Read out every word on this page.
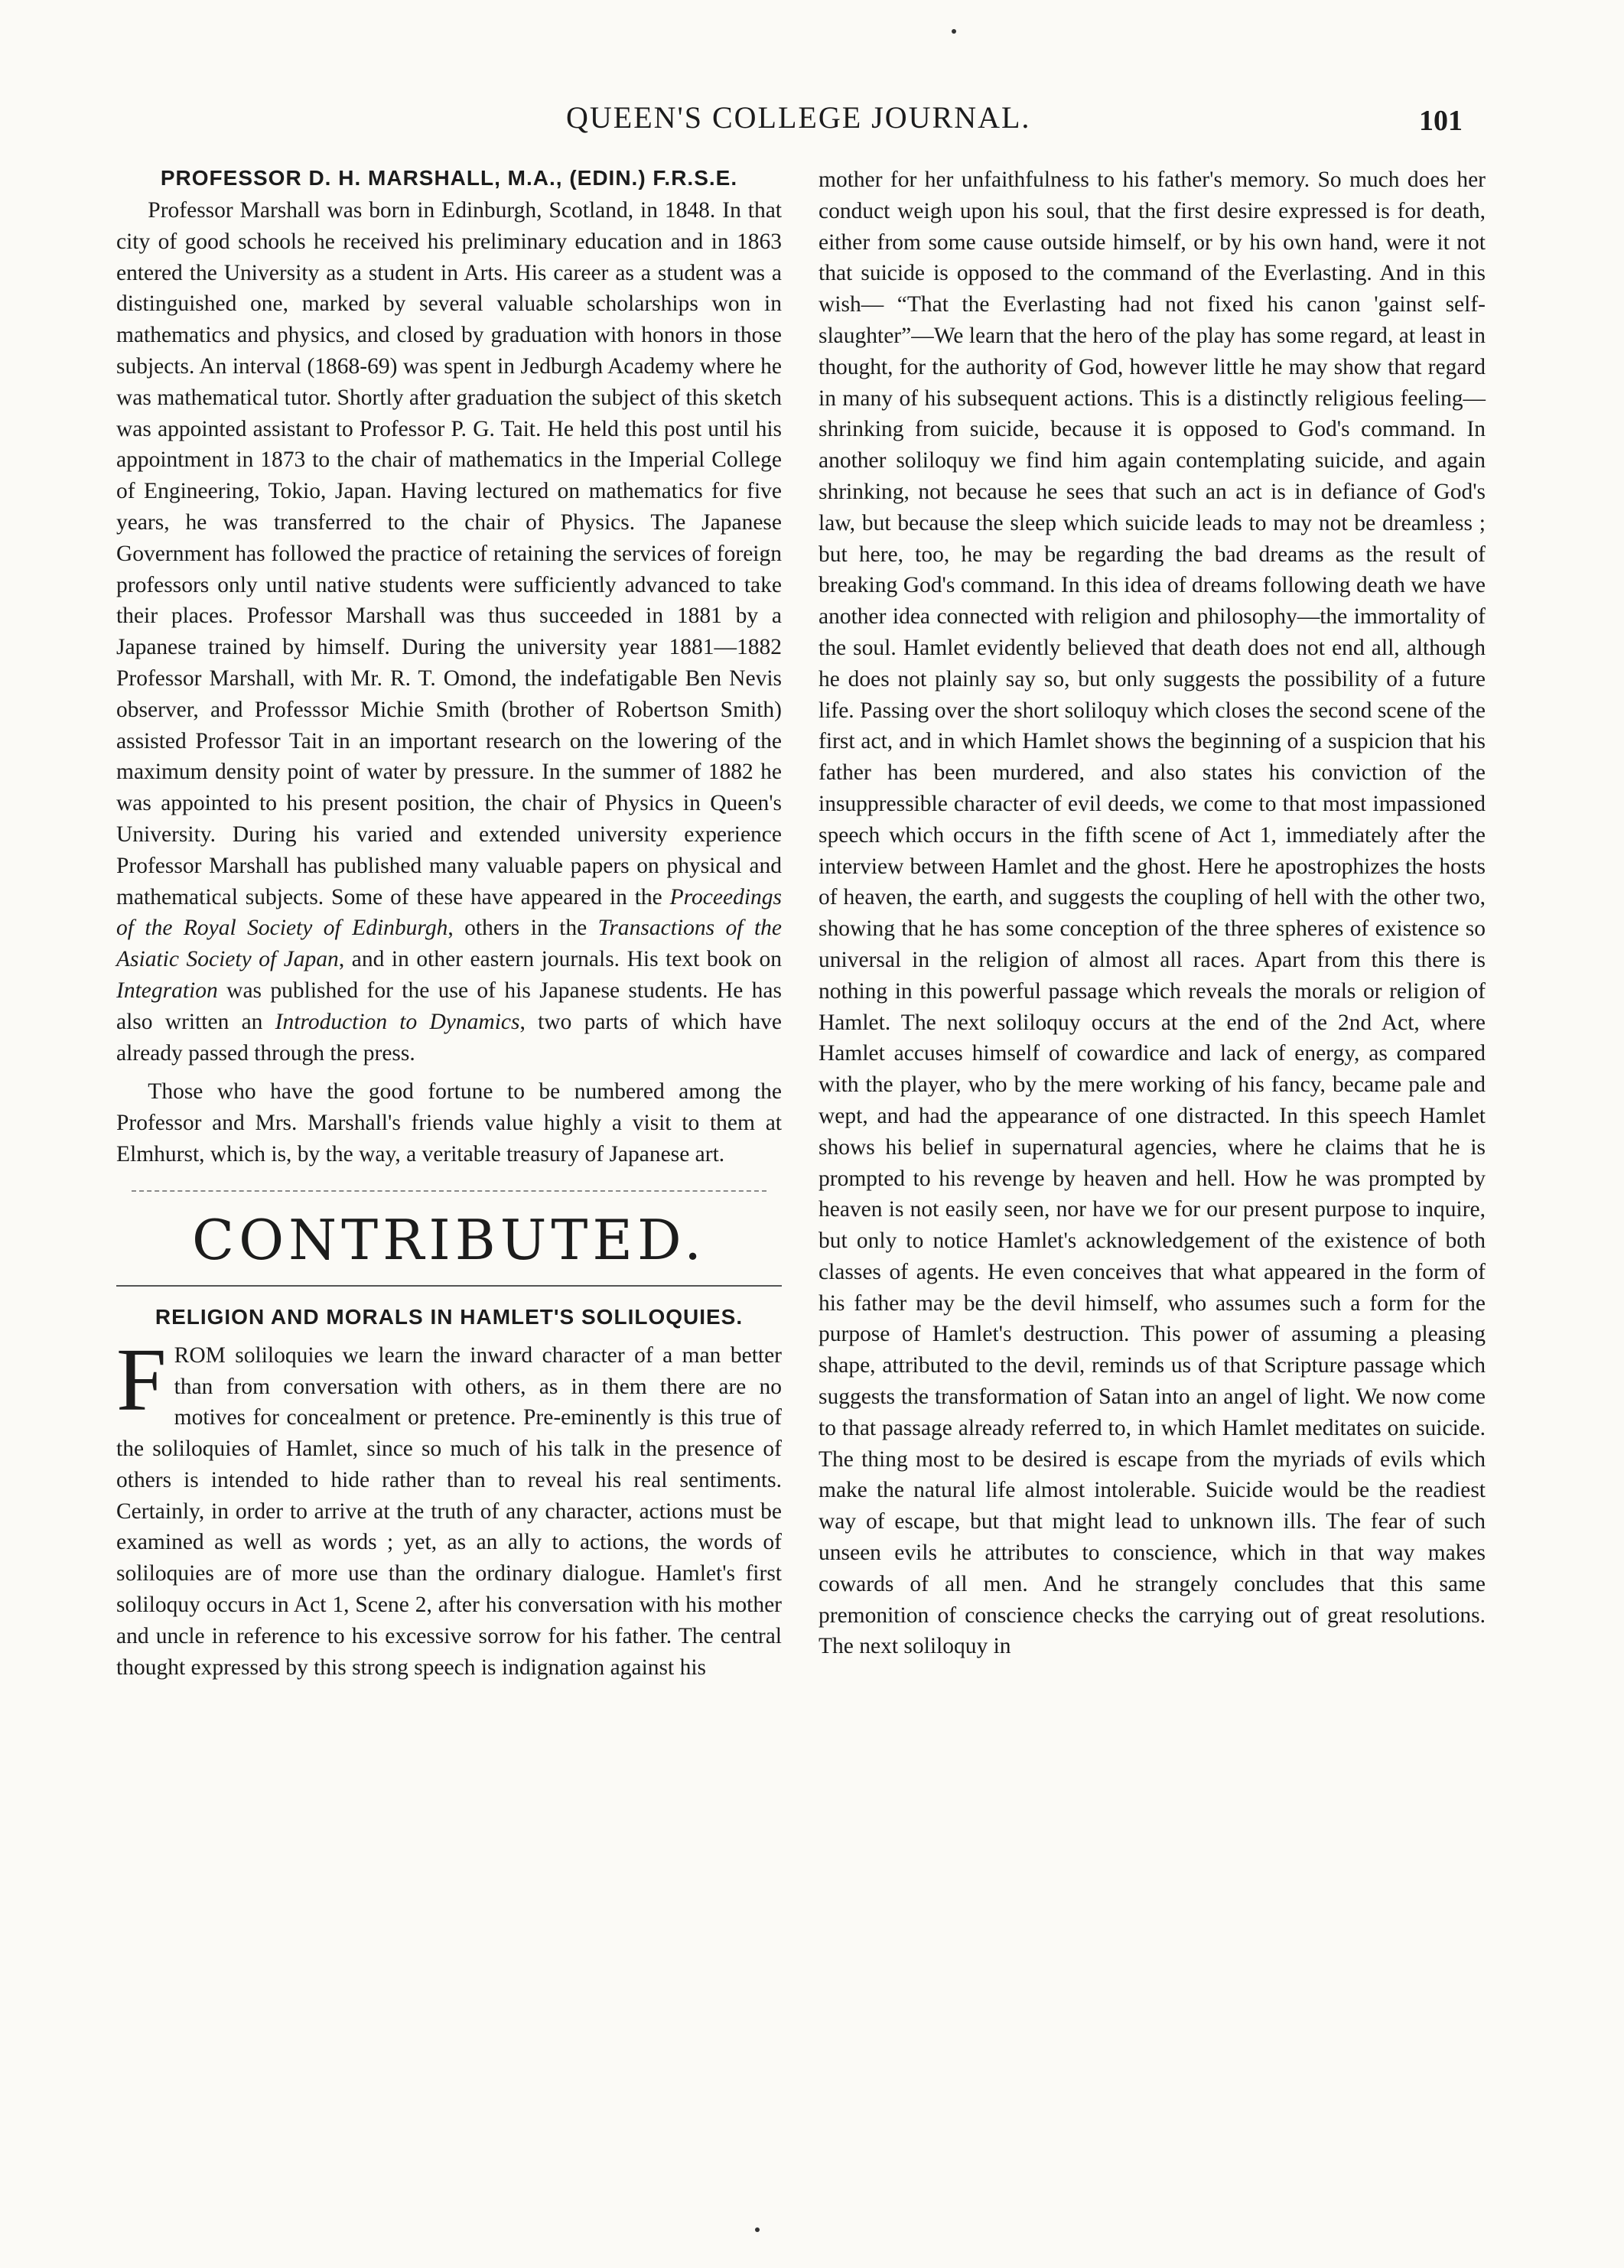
QUEEN'S COLLEGE JOURNAL.	101
PROFESSOR D. H. MARSHALL, M.A., (EDIN.) F.R.S.E.

Professor Marshall was born in Edinburgh, Scotland, in 1848. In that city of good schools he received his preliminary education and in 1863 entered the University as a student in Arts. His career as a student was a distinguished one, marked by several valuable scholarships won in mathematics and physics, and closed by graduation with honors in those subjects. An interval (1868-69) was spent in Jedburgh Academy where he was mathematical tutor. Shortly after graduation the subject of this sketch was appointed assistant to Professor P. G. Tait. He held this post until his appointment in 1873 to the chair of mathematics in the Imperial College of Engineering, Tokio, Japan. Having lectured on mathematics for five years, he was transferred to the chair of Physics. The Japanese Government has followed the practice of retaining the services of foreign professors only until native students were sufficiently advanced to take their places. Professor Marshall was thus succeeded in 1881 by a Japanese trained by himself. During the university year 1881—1882 Professor Marshall, with Mr. R. T. Omond, the indefatigable Ben Nevis observer, and Professsor Michie Smith (brother of Robertson Smith) assisted Professor Tait in an important research on the lowering of the maximum density point of water by pressure. In the summer of 1882 he was appointed to his present position, the chair of Physics in Queen's University. During his varied and extended university experience Professor Marshall has published many valuable papers on physical and mathematical subjects. Some of these have appeared in the Proceedings of the Royal Society of Edinburgh, others in the Transactions of the Asiatic Society of Japan, and in other eastern journals. His text book on Integration was published for the use of his Japanese students. He has also written an Introduction to Dynamics, two parts of which have already passed through the press.

Those who have the good fortune to be numbered among the Professor and Mrs. Marshall's friends value highly a visit to them at Elmhurst, which is, by the way, a veritable treasury of Japanese art.

CONTRIBUTED.
RELIGION AND MORALS IN HAMLET'S SOLILOQUIES.

FROM soliloquies we learn the inward character of a man better than from conversation with others, as in them there are no motives for concealment or pretence. Pre-eminently is this true of the soliloquies of Hamlet, since so much of his talk in the presence of others is intended to hide rather than to reveal his real sentiments. Certainly, in order to arrive at the truth of any character, actions must be examined as well as words ; yet, as an ally to actions, the words of soliloquies are of more use than the ordinary dialogue. Hamlet's first soliloquy occurs in Act 1, Scene 2, after his conversation with his mother and uncle in reference to his excessive sorrow for his father. The central thought expressed by this strong speech is indignation against his

mother for her unfaithfulness to his father's memory. So much does her conduct weigh upon his soul, that the first desire expressed is for death, either from some cause outside himself, or by his own hand, were it not that suicide is opposed to the command of the Everlasting. And in this wish— “That the Everlasting had not fixed his canon 'gainst self-slaughter”—We learn that the hero of the play has some regard, at least in thought, for the authority of God, however little he may show that regard in many of his subsequent actions. This is a distinctly religious feeling—shrinking from suicide, because it is opposed to God's command. In another soliloquy we find him again contemplating suicide, and again shrinking, not because he sees that such an act is in defiance of God's law, but because the sleep which suicide leads to may not be dreamless ; but here, too, he may be regarding the bad dreams as the result of breaking God's command. In this idea of dreams following death we have another idea connected with religion and philosophy—the immortality of the soul. Hamlet evidently believed that death does not end all, although he does not plainly say so, but only suggests the possibility of a future life. Passing over the short soliloquy which closes the second scene of the first act, and in which Hamlet shows the beginning of a suspicion that his father has been murdered, and also states his conviction of the insuppressible character of evil deeds, we come to that most impassioned speech which occurs in the fifth scene of Act 1, immediately after the interview between Hamlet and the ghost. Here he apostrophizes the hosts of heaven, the earth, and suggests the coupling of hell with the other two, showing that he has some conception of the three spheres of existence so universal in the religion of almost all races. Apart from this there is nothing in this powerful passage which reveals the morals or religion of Hamlet. The next soliloquy occurs at the end of the 2nd Act, where Hamlet accuses himself of cowardice and lack of energy, as compared with the player, who by the mere working of his fancy, became pale and wept, and had the appearance of one distracted. In this speech Hamlet shows his belief in supernatural agencies, where he claims that he is prompted to his revenge by heaven and hell. How he was prompted by heaven is not easily seen, nor have we for our present purpose to inquire, but only to notice Hamlet's acknowledgement of the existence of both classes of agents. He even conceives that what appeared in the form of his father may be the devil himself, who assumes such a form for the purpose of Hamlet's destruction. This power of assuming a pleasing shape, attributed to the devil, reminds us of that Scripture passage which suggests the transformation of Satan into an angel of light. We now come to that passage already referred to, in which Hamlet meditates on suicide. The thing most to be desired is escape from the myriads of evils which make the natural life almost intolerable. Suicide would be the readiest way of escape, but that might lead to unknown ills. The fear of such unseen evils he attributes to conscience, which in that way makes cowards of all men. And he strangely concludes that this same premonition of conscience checks the carrying out of great resolutions. The next soliloquy in
